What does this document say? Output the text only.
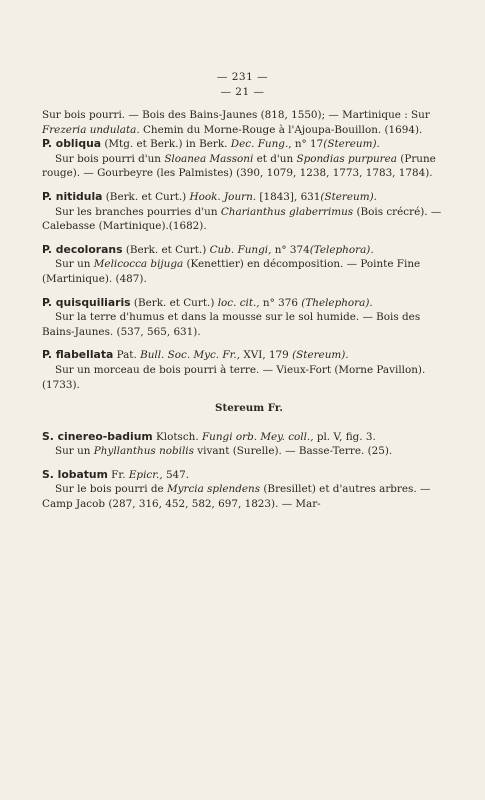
— 231 —
— 21 —

Sur bois pourri. — Bois des Bains-Jaunes (818, 1550); — Martinique : Sur Frezeria undulata. Chemin du Morne-Rouge à l'Ajoupa-Bouillon. (1694).

P. obliqua (Mtg. et Berk.) in Berk. Dec. Fung., n° 17(Stereum).

Sur bois pourri d'un Sloanea Massoni et d'un Spondias purpurea (Prune rouge). — Gourbeyre (les Palmistes) (390, 1079, 1238, 1773, 1783, 1784).

P. nitidula (Berk. et Curt.) Hook. Journ. [1843], 631(Stereum).

Sur les branches pourries d'un Charianthus glaberrimus (Bois crécré). — Calebasse (Martinique).(1682).

P. decolorans (Berk. et Curt.) Cub. Fungi, n° 374(Telephora).

Sur un Melicocca bijuga (Kenettier) en décomposition. — Pointe Fine (Martinique). (487).

P. quisquiliaris (Berk. et Curt.) loc. cit., n° 376 (Thelephora).

Sur la terre d'humus et dans la mousse sur le sol humide. — Bois des Bains-Jaunes. (537, 565, 631).

P. flabellata Pat. Bull. Soc. Myc. Fr., XVI, 179 (Stereum).

Sur un morceau de bois pourri à terre. — Vieux-Fort (Morne Pavillon). (1733).

Stereum Fr.

S. cinereo-badium Klotsch. Fungi orb. Mey. coll., pl. V, fig. 3.

Sur un Phyllanthus nobilis vivant (Surelle). — Basse-Terre. (25).

S. lobatum Fr. Epicr., 547.

Sur le bois pourri de Myrcia splendens (Bresillet) et d'autres arbres. — Camp Jacob (287, 316, 452, 582, 697, 1823). — Mar-
